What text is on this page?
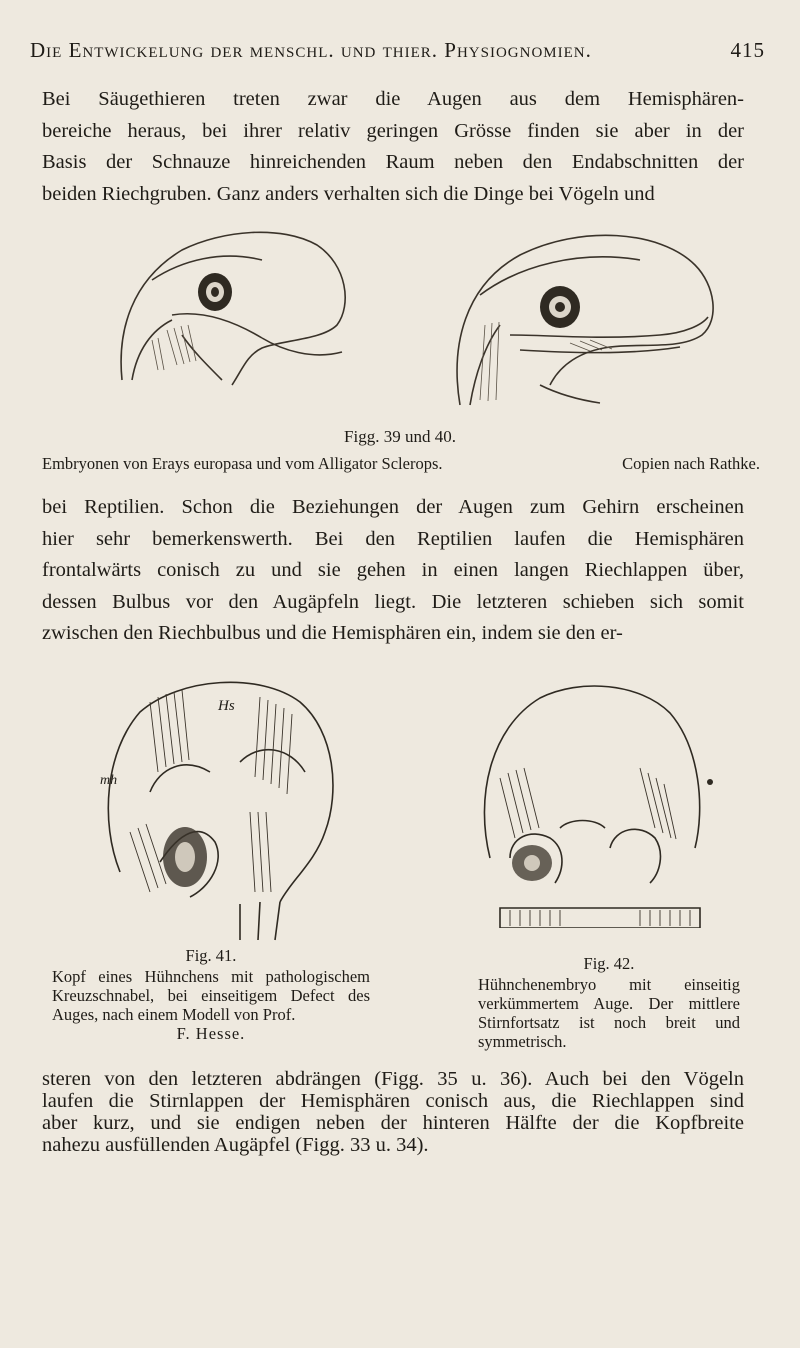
Die Entwickelung der menschl. und thier. Physiognomien.	415
Bei Säugethieren treten zwar die Augen aus dem Hemisphären-
bereiche heraus, bei ihrer relativ geringen Grösse finden sie aber in der
Basis der Schnauze hinreichenden Raum neben den Endabschnitten der
beiden Riechgruben. Ganz anders verhalten sich die Dinge bei Vögeln und
Figg. 39 und 40.
Embryonen von Erays europasa und vom Alligator Sclerops.	Copien nach Rathke.
bei Reptilien. Schon die Beziehungen der Augen zum Gehirn erscheinen
hier sehr bemerkenswerth. Bei den Reptilien laufen die Hemisphären
frontalwärts conisch zu und sie gehen in einen langen Riechlappen über,
dessen Bulbus vor den Augäpfeln liegt. Die letzteren schieben sich somit
zwischen den Riechbulbus und die Hemisphären ein, indem sie den er-
Hs
mh
Fig. 41.
Kopf eines Hühnchens mit pathologischem Kreuzschnabel, bei einseitigem Defect des Auges, nach einem Modell von Prof.
F. Hesse.
Fig. 42.
Hühnchenembryo mit einseitig verkümmertem Auge. Der mittlere Stirnfortsatz ist noch breit und symmetrisch.
steren von den letzteren abdrängen (Figg. 35 u. 36). Auch bei den Vögeln
laufen die Stirnlappen der Hemisphären conisch aus, die Riechlappen sind
aber kurz, und sie endigen neben der hinteren Hälfte der die Kopfbreite
nahezu ausfüllenden Augäpfel (Figg. 33 u. 34).
